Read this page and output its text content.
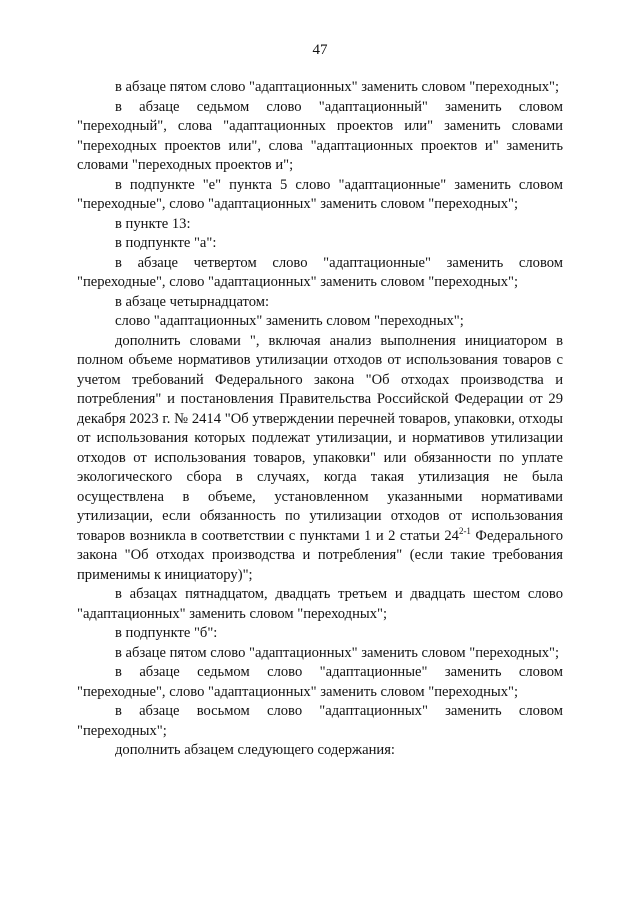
47

в абзаце пятом слово "адаптационных" заменить словом "переходных";

в абзаце седьмом слово "адаптационный" заменить словом "переходный", слова "адаптационных проектов или" заменить словами "переходных проектов или", слова "адаптационных проектов и" заменить словами "переходных проектов и";

в подпункте "е" пункта 5 слово "адаптационные" заменить словом "переходные", слово "адаптационных" заменить словом "переходных";

в пункте 13:

в подпункте "а":

в абзаце четвертом слово "адаптационные" заменить словом "переходные", слово "адаптационных" заменить словом "переходных";

в абзаце четырнадцатом:

слово "адаптационных" заменить словом "переходных";

дополнить словами ", включая анализ выполнения инициатором в полном объеме нормативов утилизации отходов от использования товаров с учетом требований Федерального закона "Об отходах производства и потребления" и постановления Правительства Российской Федерации от 29 декабря 2023 г. № 2414 "Об утверждении перечней товаров, упаковки, отходы от использования которых подлежат утилизации, и нормативов утилизации отходов от использования товаров, упаковки" или обязанности по уплате экологического сбора в случаях, когда такая утилизация не была осуществлена в объеме, установленном указанными нормативами утилизации, если обязанность по утилизации отходов от использования товаров возникла в соответствии с пунктами 1 и 2 статьи 24$^{2-1}$ Федерального закона "Об отходах производства и потребления" (если такие требования применимы к инициатору)";

в абзацах пятнадцатом, двадцать третьем и двадцать шестом слово "адаптационных" заменить словом "переходных";

в подпункте "б":

в абзаце пятом слово "адаптационных" заменить словом "переходных";

в абзаце седьмом слово "адаптационные" заменить словом "переходные", слово "адаптационных" заменить словом "переходных";

в абзаце восьмом слово "адаптационных" заменить словом "переходных";

дополнить абзацем следующего содержания:
